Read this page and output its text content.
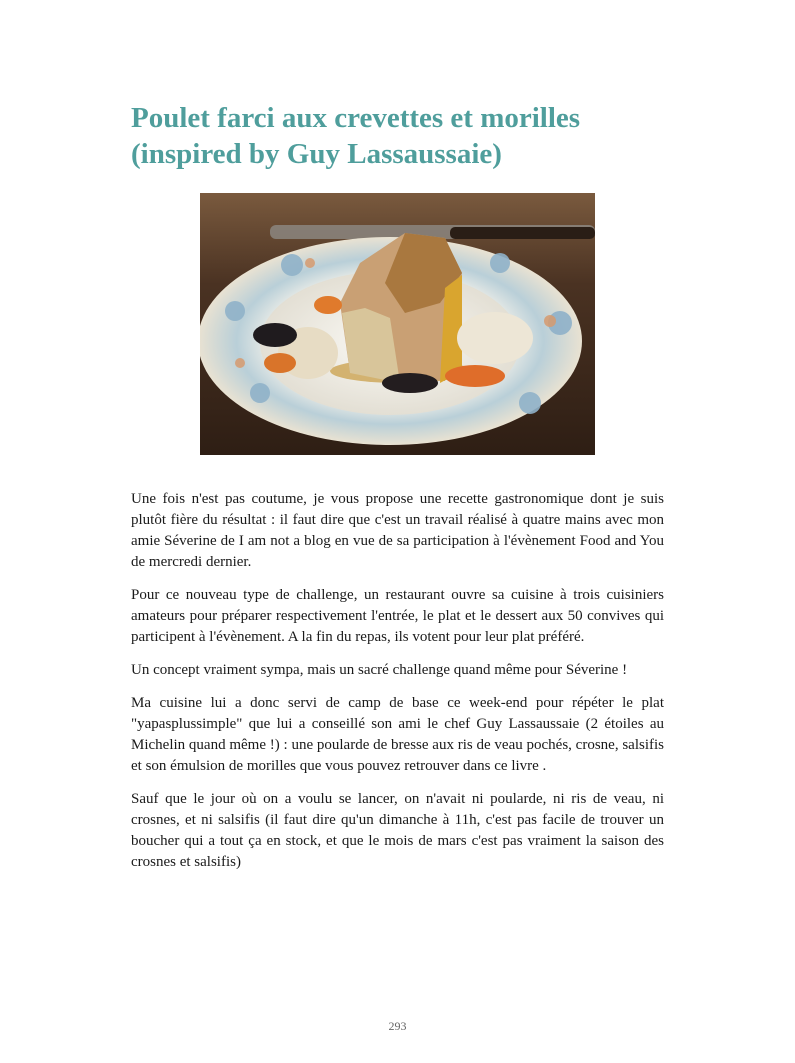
Poulet farci aux crevettes et morilles
(inspired by Guy Lassaussaie)

Une fois n'est pas coutume, je vous propose une recette gastronomique dont je suis plutôt fière du résultat : il faut dire que c'est un travail réalisé à quatre mains avec mon amie Séverine de I am not a blog en vue de sa participation à l'évènement Food and You de mercredi dernier.

Pour ce nouveau type de challenge, un restaurant ouvre sa cuisine à trois cuisiniers amateurs pour préparer respectivement l'entrée, le plat et le dessert aux 50 convives qui participent à l'évènement. A la fin du repas, ils votent pour leur plat préféré.

Un concept vraiment sympa, mais un sacré challenge quand même pour Séverine !

Ma cuisine lui a donc servi de camp de base ce week-end pour répéter le plat "yapasplussimple" que lui a conseillé son ami le chef Guy Lassaussaie (2 étoiles au Michelin quand même !) : une poularde de bresse aux ris de veau pochés, crosne, salsifis et son émulsion de morilles que vous pouvez retrouver dans ce livre .

Sauf que le jour où on a voulu se lancer, on n'avait ni poularde, ni ris de veau, ni crosnes, et ni salsifis (il faut dire qu'un dimanche à 11h, c'est pas facile de trouver un boucher qui a tout ça en stock, et que le mois de mars c'est pas vraiment la saison des crosnes et salsifis)

293
